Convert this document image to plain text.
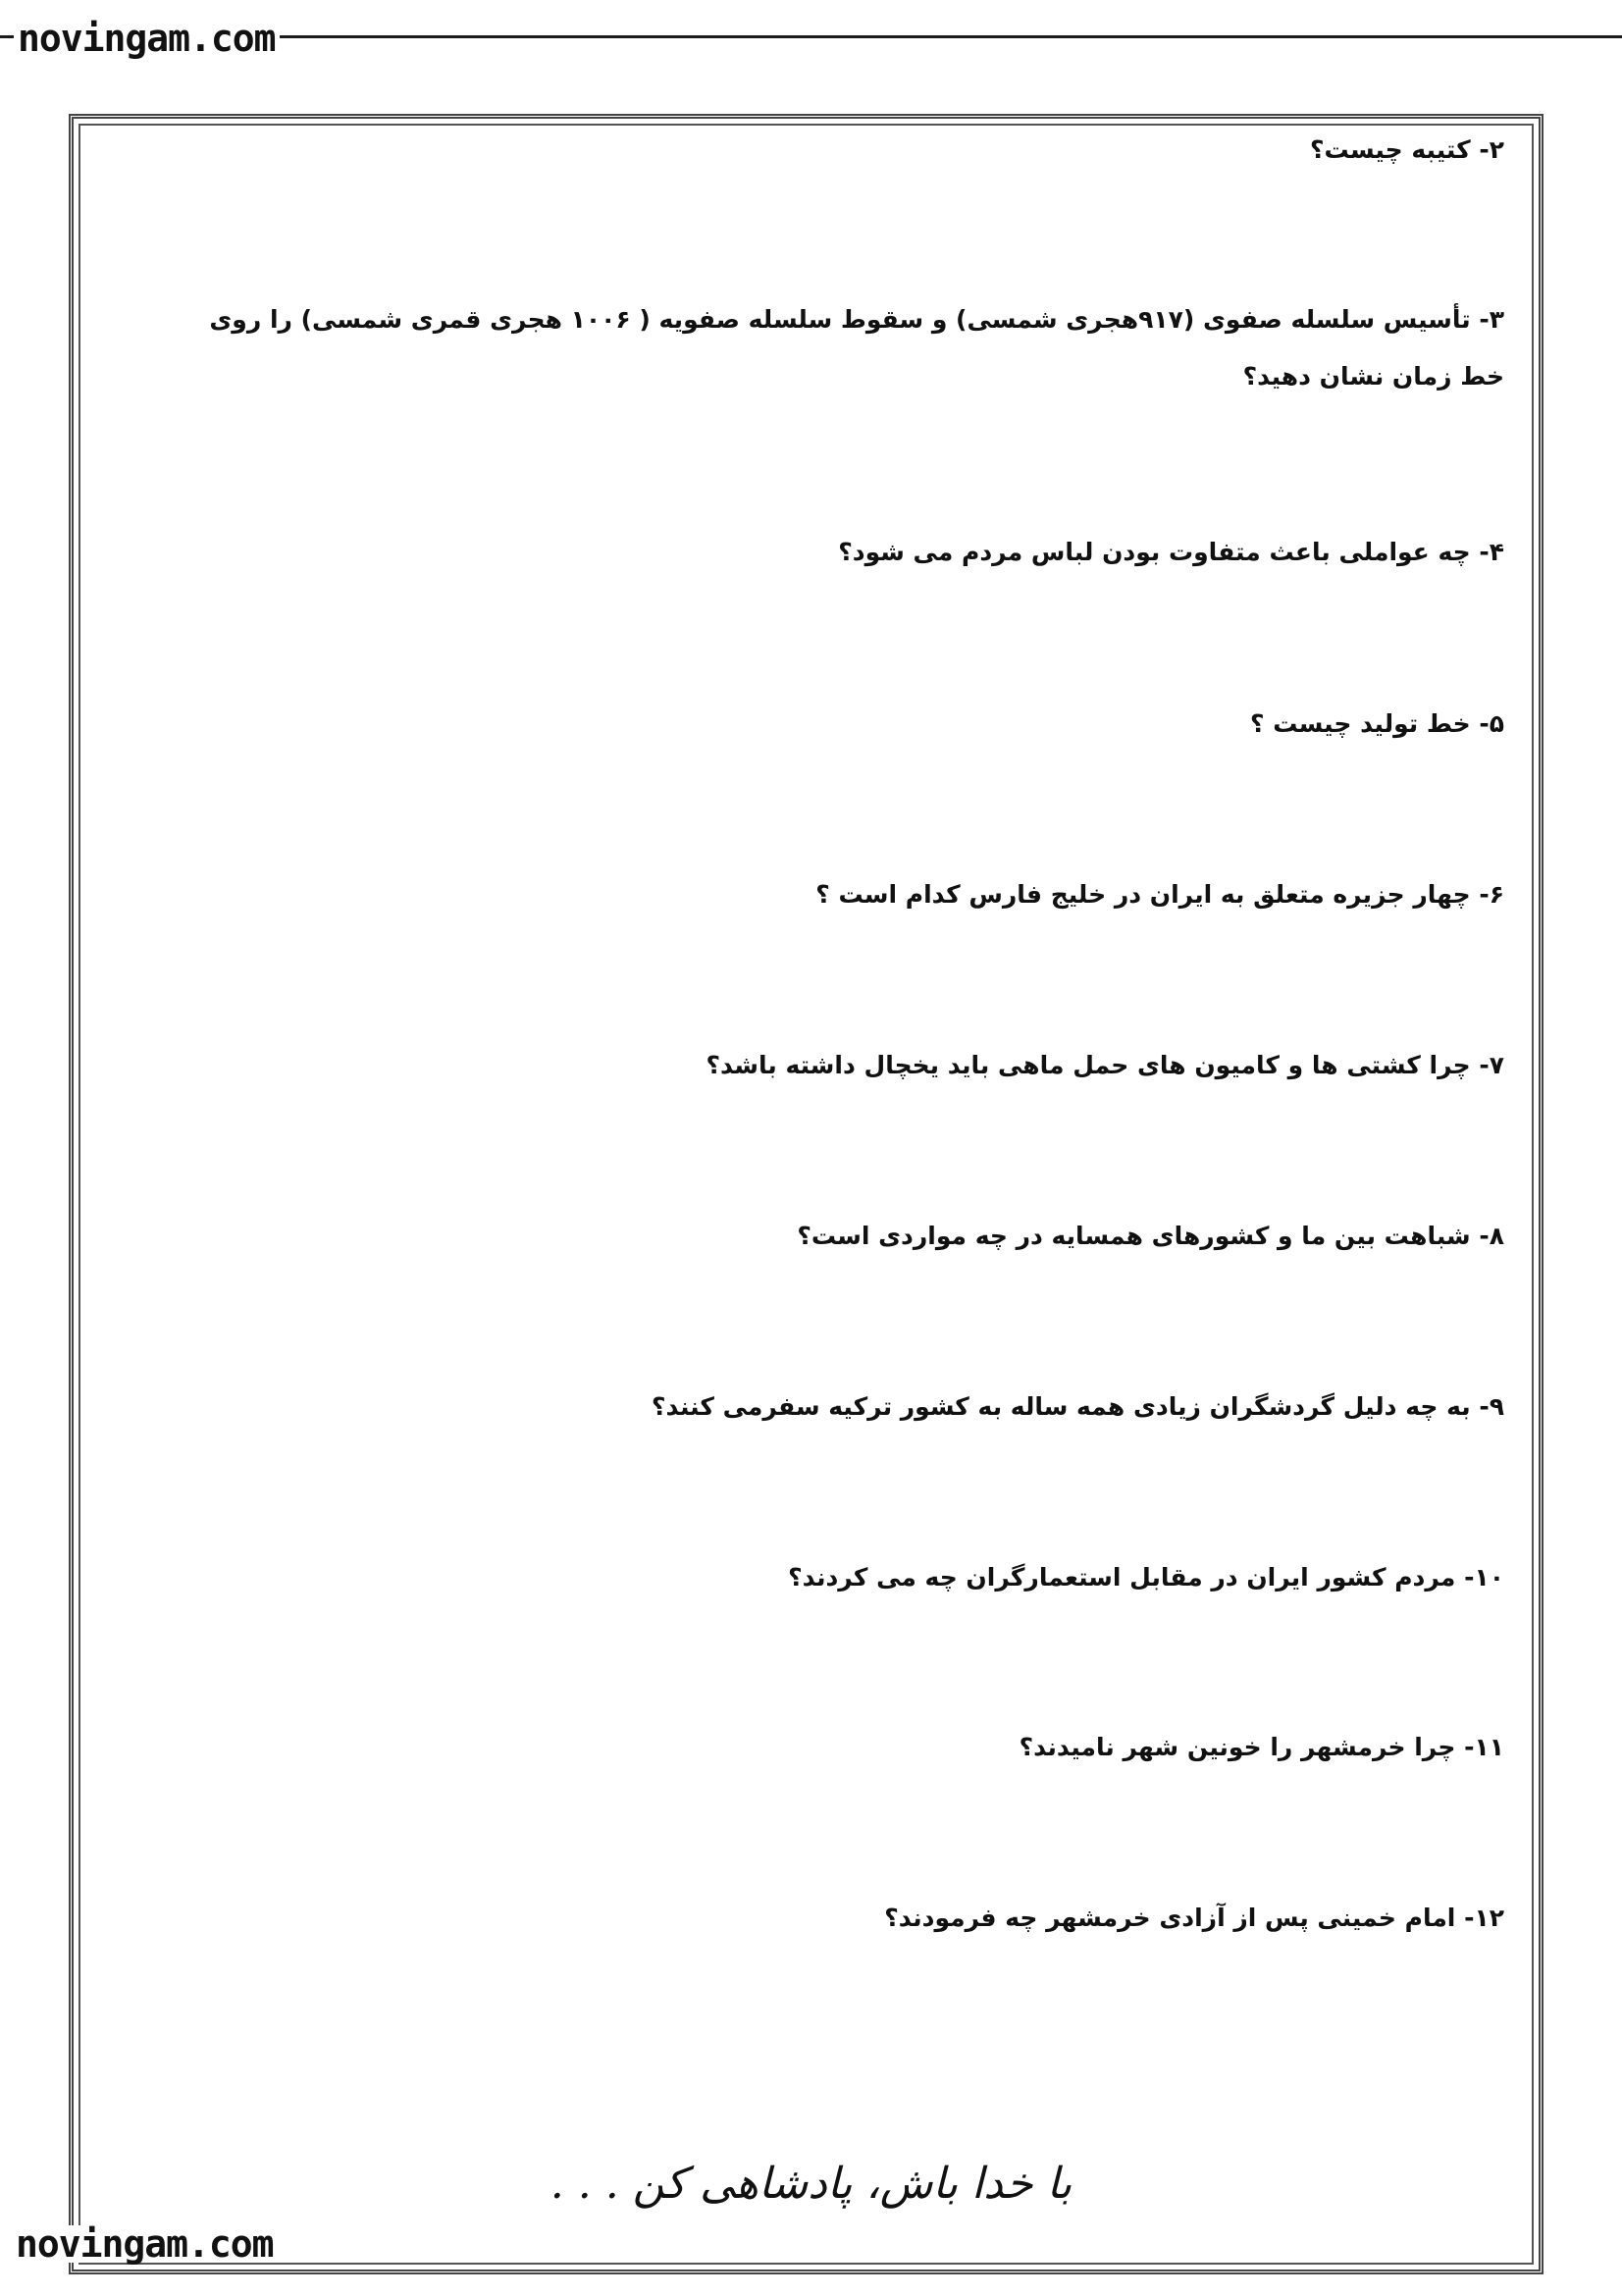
novingam.com
۲- کتیبه چیست؟
۳- تأسیس سلسله صفوی (۹۱۷هجری شمسی) و سقوط سلسله صفویه ( ۱۰۰۶ هجری قمری شمسی) را روی خط زمان نشان دهید؟
۴- چه عواملی باعث متفاوت بودن لباس مردم می شود؟
۵- خط تولید چیست ؟
۶- چهار جزیره متعلق به ایران در خلیج فارس کدام است ؟
۷- چرا کشتی ها و کامیون های حمل ماهی باید یخچال داشته باشد؟
۸- شباهت بین ما و کشورهای همسایه در چه مواردی است؟
۹- به چه دلیل گردشگران زیادی همه ساله به کشور ترکیه سفرمی کنند؟
۱۰- مردم کشور ایران در مقابل استعمارگران چه می کردند؟
۱۱- چرا خرمشهر را خونین شهر نامیدند؟
۱۲- امام خمینی پس از آزادی خرمشهر چه فرمودند؟
با خدا باش، پادشاهی کن . . .
novingam.com
